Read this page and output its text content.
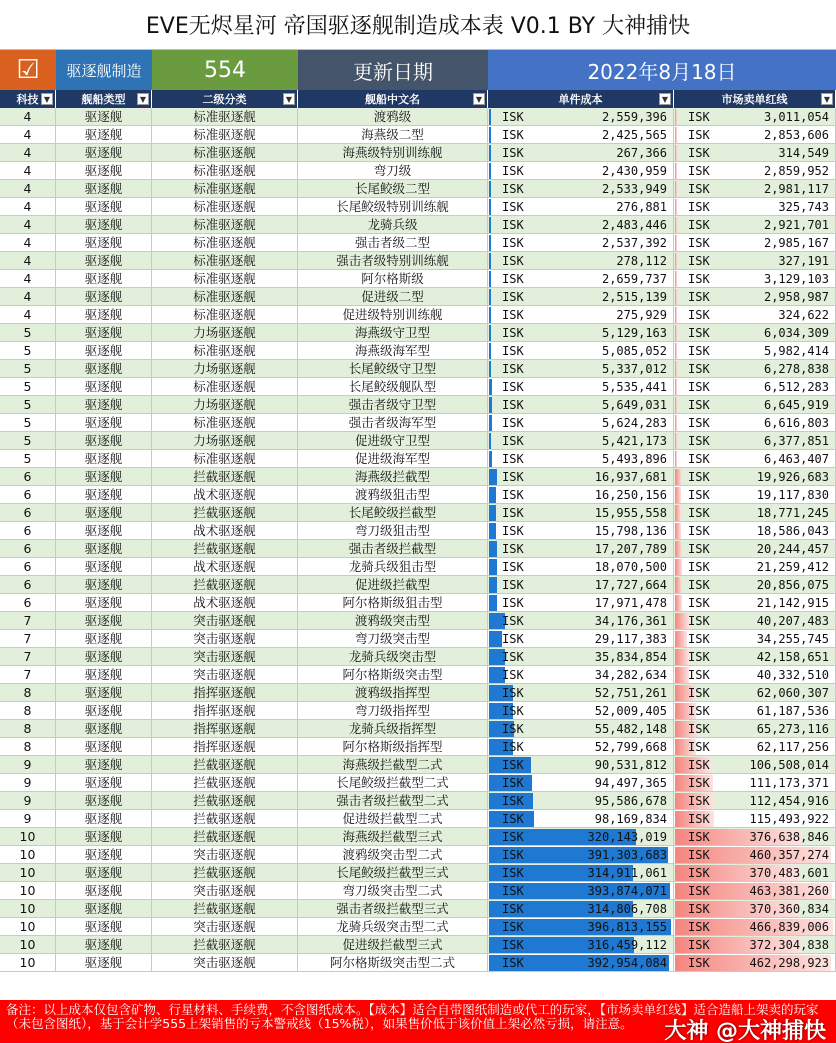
EVE无烬星河 帝国驱逐舰制造成本表 V0.1 BY 大神捕快
☑	驱逐舰制造	554	更新日期	2022年8月18日
科技 ▼	舰船类型	▼	二级分类	▼	舰船中文名	▼	单件成本	▼	市场卖单红线	▼
4	驱逐舰	标准驱逐舰	渡鸦级	ISK	2,559,396 ISK	3,011,054
4	驱逐舰	标准驱逐舰	海燕级二型	ISK	2,425,565 ISK	2,853,606
4	驱逐舰	标准驱逐舰	海燕级特别训练舰	ISK	267,366 ISK	314,549
4	驱逐舰	标准驱逐舰	弯刀级	ISK	2,430,959 ISK	2,859,952
4	驱逐舰	标准驱逐舰	长尾鲛级二型	ISK	2,533,949 ISK	2,981,117
4	驱逐舰	标准驱逐舰	长尾鲛级特别训练舰	ISK	276,881 ISK	325,743
4	驱逐舰	标准驱逐舰	龙骑兵级	ISK	2,483,446 ISK	2,921,701
4	驱逐舰	标准驱逐舰	强击者级二型	ISK	2,537,392 ISK	2,985,167
4	驱逐舰	标准驱逐舰	强击者级特别训练舰	ISK	278,112 ISK	327,191
4	驱逐舰	标准驱逐舰	阿尔格斯级	ISK	2,659,737 ISK	3,129,103
4	驱逐舰	标准驱逐舰	促进级二型	ISK	2,515,139 ISK	2,958,987
4	驱逐舰	标准驱逐舰	促进级特别训练舰	ISK	275,929 ISK	324,622
5	驱逐舰	力场驱逐舰	海燕级守卫型	ISK	5,129,163 ISK	6,034,309
5	驱逐舰	标准驱逐舰	海燕级海军型	ISK	5,085,052 ISK	5,982,414
5	驱逐舰	力场驱逐舰	长尾鲛级守卫型	ISK	5,337,012 ISK	6,278,838
5	驱逐舰	标准驱逐舰	长尾鲛级舰队型	ISK	5,535,441 ISK	6,512,283
5	驱逐舰	力场驱逐舰	强击者级守卫型	ISK	5,649,031 ISK	6,645,919
5	驱逐舰	标准驱逐舰	强击者级海军型	ISK	5,624,283 ISK	6,616,803
5	驱逐舰	力场驱逐舰	促进级守卫型	ISK	5,421,173 ISK	6,377,851
5	驱逐舰	标准驱逐舰	促进级海军型	ISK	5,493,896 ISK	6,463,407
6	驱逐舰	拦截驱逐舰	海燕级拦截型	ISK	16,937,681 ISK	19,926,683
6	驱逐舰	战术驱逐舰	渡鸦级狙击型	ISK	16,250,156 ISK	19,117,830
6	驱逐舰	拦截驱逐舰	长尾鲛级拦截型	ISK	15,955,558 ISK	18,771,245
6	驱逐舰	战术驱逐舰	弯刀级狙击型	ISK	15,798,136 ISK	18,586,043
6	驱逐舰	拦截驱逐舰	强击者级拦截型	ISK	17,207,789 ISK	20,244,457
6	驱逐舰	战术驱逐舰	龙骑兵级狙击型	ISK	18,070,500 ISK	21,259,412
6	驱逐舰	拦截驱逐舰	促进级拦截型	ISK	17,727,664 ISK	20,856,075
6	驱逐舰	战术驱逐舰	阿尔格斯级狙击型	ISK	17,971,478 ISK	21,142,915
7	驱逐舰	突击驱逐舰	渡鸦级突击型	ISK	34,176,361 ISK	40,207,483
7	驱逐舰	突击驱逐舰	弯刀级突击型	ISK	29,117,383 ISK	34,255,745
7	驱逐舰	突击驱逐舰	龙骑兵级突击型	ISK	35,834,854 ISK	42,158,651
7	驱逐舰	突击驱逐舰	阿尔格斯级突击型	ISK	34,282,634 ISK	40,332,510
8	驱逐舰	指挥驱逐舰	渡鸦级指挥型	ISK	52,751,261 ISK	62,060,307
8	驱逐舰	指挥驱逐舰	弯刀级指挥型	ISK	52,009,405 ISK	61,187,536
8	驱逐舰	指挥驱逐舰	龙骑兵级指挥型	ISK	55,482,148 ISK	65,273,116
8	驱逐舰	指挥驱逐舰	阿尔格斯级指挥型	ISK	52,799,668 ISK	62,117,256
9	驱逐舰	拦截驱逐舰	海燕级拦截型二式	ISK	90,531,812 ISK	106,508,014
9	驱逐舰	拦截驱逐舰	长尾鲛级拦截型二式	ISK	94,497,365 ISK	111,173,371
9	驱逐舰	拦截驱逐舰	强击者级拦截型二式	ISK	95,586,678 ISK	112,454,916
9	驱逐舰	拦截驱逐舰	促进级拦截型二式	ISK	98,169,834 ISK	115,493,922
10	驱逐舰	拦截驱逐舰	海燕级拦截型三式	ISK	320,143,019 ISK	376,638,846
10	驱逐舰	突击驱逐舰	渡鸦级突击型二式	ISK	391,303,683 ISK	460,357,274
10	驱逐舰	拦截驱逐舰	长尾鲛级拦截型三式	ISK	314,911,061 ISK	370,483,601
10	驱逐舰	突击驱逐舰	弯刀级突击型二式	ISK	393,874,071 ISK	463,381,260
10	驱逐舰	拦截驱逐舰	强击者级拦截型三式	ISK	314,806,708 ISK	370,360,834
10	驱逐舰	突击驱逐舰	龙骑兵级突击型二式	ISK	396,813,155 ISK	466,839,006
10	驱逐舰	拦截驱逐舰	促进级拦截型三式	ISK	316,459,112 ISK	372,304,838
10	驱逐舰	突击驱逐舰	阿尔格斯级突击型二式	ISK	392,954,084 ISK	462,298,923
备注：以上成本仅包含矿物、行星材料、手续费，不含图纸成本。【成本】适合自带图纸制造或代工的玩家，【市场卖单红线】适合造船上架卖的玩家（未包含图纸），基于会计学555上架销售的亏本警戒线（15%税），如果售价低于该价值上架必然亏损，请注意。 大神 @大神捕快
